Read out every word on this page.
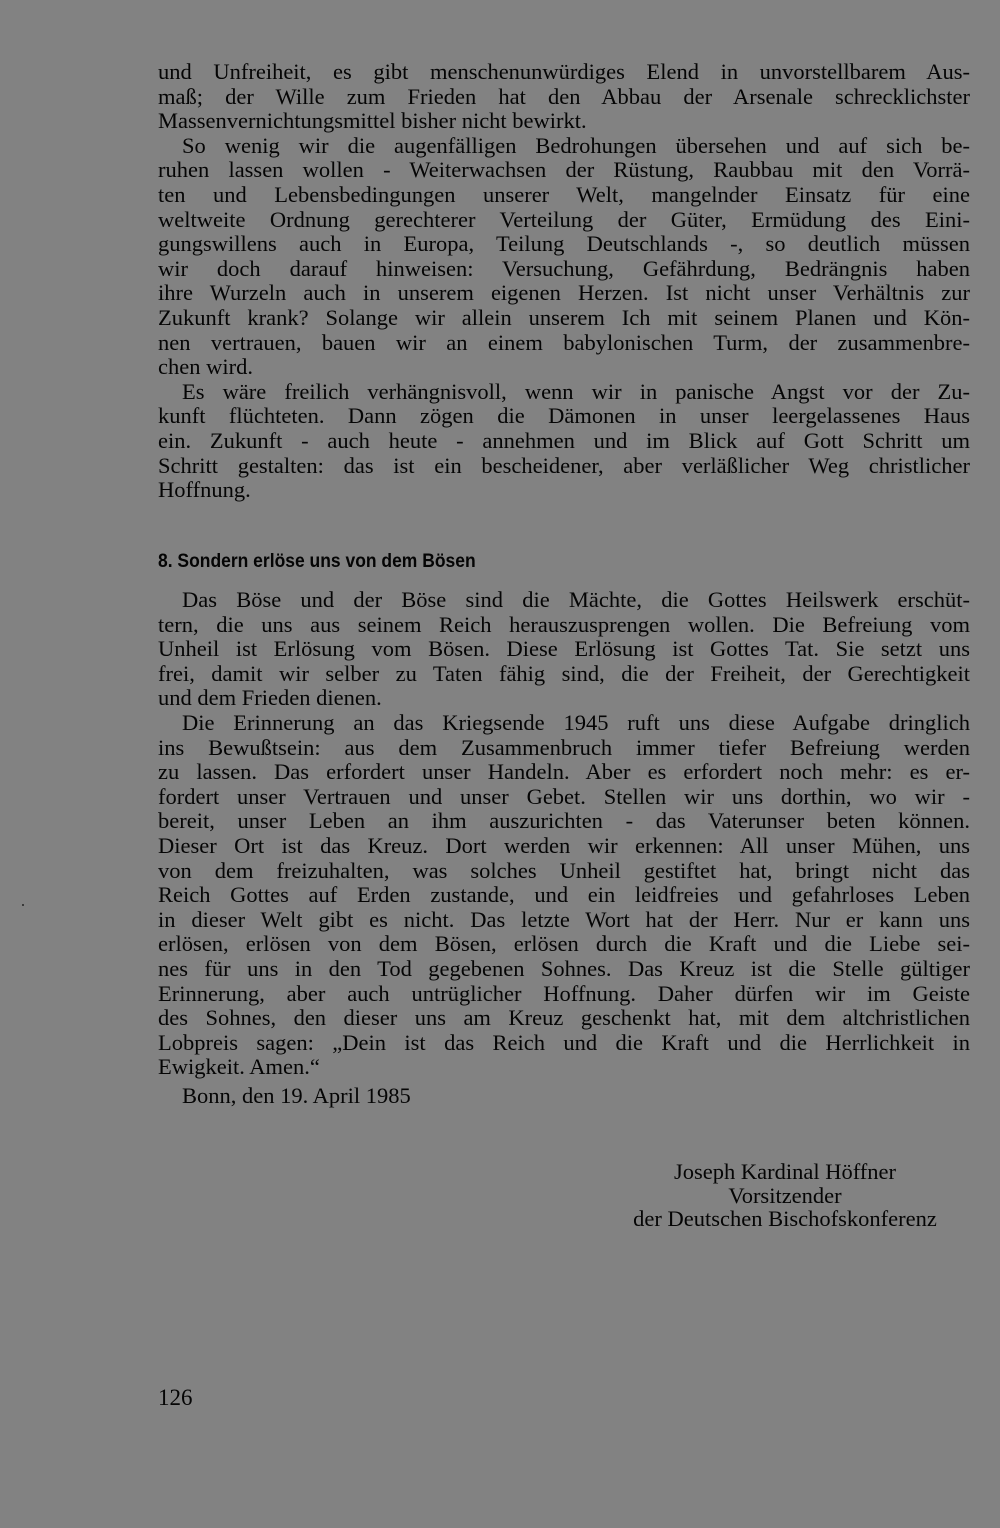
und Unfreiheit, es gibt menschenunwürdiges Elend in unvorstellbarem Aus-
maß; der Wille zum Frieden hat den Abbau der Arsenale schrecklichster
Massenvernichtungsmittel bisher nicht bewirkt.

So wenig wir die augenfälligen Bedrohungen übersehen und auf sich be-
ruhen lassen wollen - Weiterwachsen der Rüstung, Raubbau mit den Vorrä-
ten und Lebensbedingungen unserer Welt, mangelnder Einsatz für eine
weltweite Ordnung gerechterer Verteilung der Güter, Ermüdung des Eini-
gungswillens auch in Europa, Teilung Deutschlands -, so deutlich müssen
wir doch darauf hinweisen: Versuchung, Gefährdung, Bedrängnis haben
ihre Wurzeln auch in unserem eigenen Herzen. Ist nicht unser Verhältnis zur
Zukunft krank? Solange wir allein unserem Ich mit seinem Planen und Kön-
nen vertrauen, bauen wir an einem babylonischen Turm, der zusammenbre-
chen wird.

Es wäre freilich verhängnisvoll, wenn wir in panische Angst vor der Zu-
kunft flüchteten. Dann zögen die Dämonen in unser leergelassenes Haus
ein. Zukunft - auch heute - annehmen und im Blick auf Gott Schritt um
Schritt gestalten: das ist ein bescheidener, aber verläßlicher Weg christlicher
Hoffnung.

8. Sondern erlöse uns von dem Bösen

Das Böse und der Böse sind die Mächte, die Gottes Heilswerk erschüt-
tern, die uns aus seinem Reich herauszusprengen wollen. Die Befreiung vom
Unheil ist Erlösung vom Bösen. Diese Erlösung ist Gottes Tat. Sie setzt uns
frei, damit wir selber zu Taten fähig sind, die der Freiheit, der Gerechtigkeit
und dem Frieden dienen.

Die Erinnerung an das Kriegsende 1945 ruft uns diese Aufgabe dringlich
ins Bewußtsein: aus dem Zusammenbruch immer tiefer Befreiung werden
zu lassen. Das erfordert unser Handeln. Aber es erfordert noch mehr: es er-
fordert unser Vertrauen und unser Gebet. Stellen wir uns dorthin, wo wir -
bereit, unser Leben an ihm auszurichten - das Vaterunser beten können.
Dieser Ort ist das Kreuz. Dort werden wir erkennen: All unser Mühen, uns
von dem freizuhalten, was solches Unheil gestiftet hat, bringt nicht das
Reich Gottes auf Erden zustande, und ein leidfreies und gefahrloses Leben
in dieser Welt gibt es nicht. Das letzte Wort hat der Herr. Nur er kann uns
erlösen, erlösen von dem Bösen, erlösen durch die Kraft und die Liebe sei-
nes für uns in den Tod gegebenen Sohnes. Das Kreuz ist die Stelle gültiger
Erinnerung, aber auch untrüglicher Hoffnung. Daher dürfen wir im Geiste
des Sohnes, den dieser uns am Kreuz geschenkt hat, mit dem altchristlichen
Lobpreis sagen: „Dein ist das Reich und die Kraft und die Herrlichkeit in
Ewigkeit. Amen.“

Bonn, den 19. April 1985
Joseph Kardinal Höffner
Vorsitzender
der Deutschen Bischofskonferenz
126
